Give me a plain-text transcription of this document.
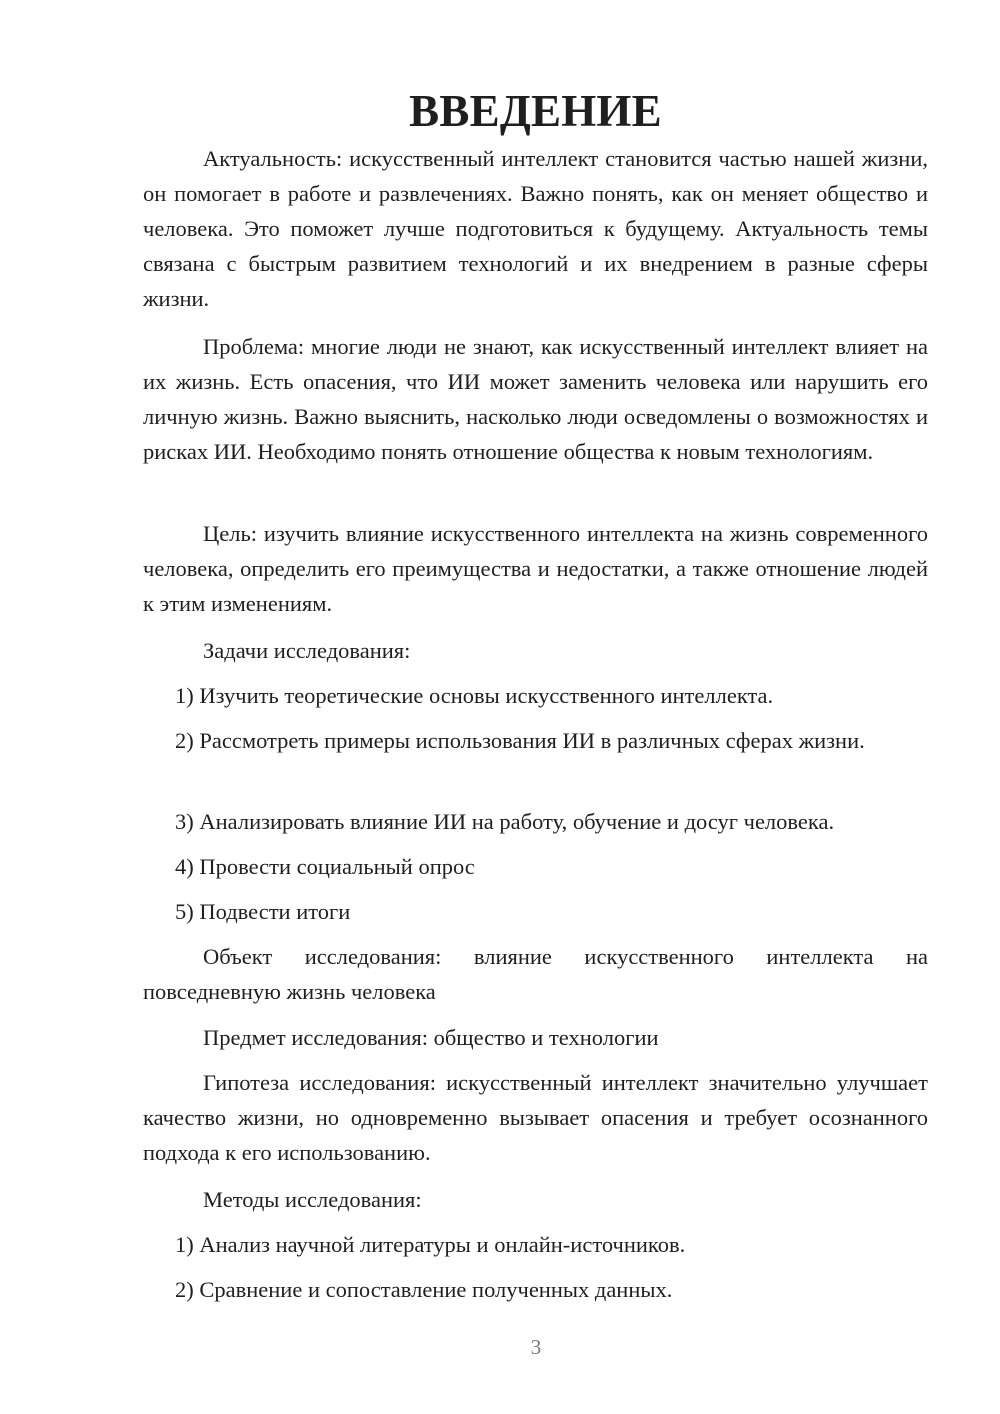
ВВЕДЕНИЕ

Актуальность: искусственный интеллект становится частью нашей жизни, он помогает в работе и развлечениях. Важно понять, как он меняет общество и человека. Это поможет лучше подготовиться к будущему. Актуальность темы связана с быстрым развитием технологий и их внедрением в разные сферы жизни.

Проблема: многие люди не знают, как искусственный интеллект влияет на их жизнь. Есть опасения, что ИИ может заменить человека или нарушить его личную жизнь. Важно выяснить, насколько люди осведомлены о возможностях и рисках ИИ. Необходимо понять отношение общества к новым технологиям.

Цель: изучить влияние искусственного интеллекта на жизнь современного человека, определить его преимущества и недостатки, а также отношение людей к этим изменениям.

Задачи исследования:

1) Изучить теоретические основы искусственного интеллекта.

2) Рассмотреть примеры использования ИИ в различных сферах жизни.

3) Анализировать влияние ИИ на работу, обучение и досуг человека.

4) Провести социальный опрос

5) Подвести итоги

Объект исследования: влияние искусственного интеллекта на повседневную жизнь человека

Предмет исследования: общество и технологии

Гипотеза исследования: искусственный интеллект значительно улучшает качество жизни, но одновременно вызывает опасения и требует осознанного подхода к его использованию.

Методы исследования:

1) Анализ научной литературы и онлайн-источников.

2) Сравнение и сопоставление полученных данных.

3
